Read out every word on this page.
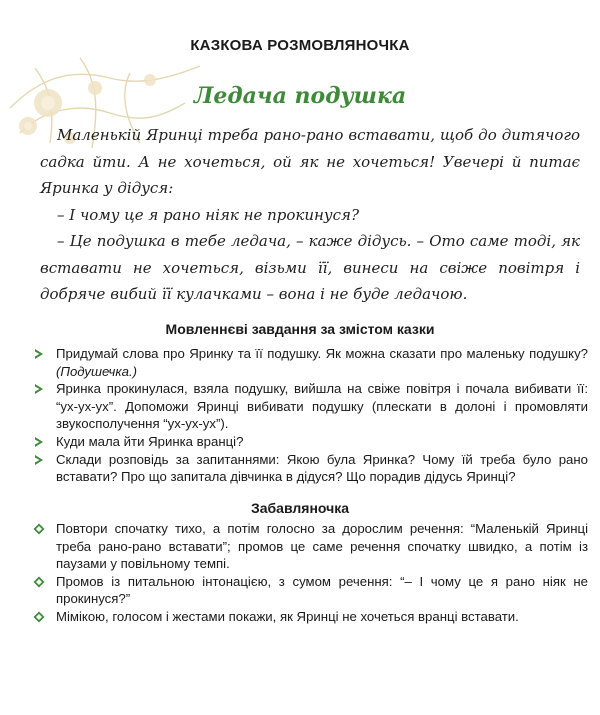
КАЗКОВА РОЗМОВЛЯНОЧКА
Ледача подушка

Маленькій Яринці треба рано-рано вставати, щоб до дитячого садка йти. А не хочеться, ой як не хочеться! Увечері й питає Яринка у дідуся:

– І чому це я рано ніяк не прокинуся?

– Це подушка в тебе ледача, – каже дідусь. – Ото саме тоді, як вставати не хочеться, візьми її, винеси на свіже повітря і добряче вибий її кулачками – вона і не буде ледачою.

Мовленнєві завдання за змістом казки
Придумай слова про Яринку та її подушку. Як можна сказати про маленьку подушку? (Подушечка.)
Яринка прокинулася, взяла подушку, вийшла на свіже повітря і почала вибивати її: “ух-ух-ух”. Допоможи Яринці вибивати подушку (плескати в долоні і промовляти звукосполучення “ух-ух-ух”).
Куди мала йти Яринка вранці?
Склади розповідь за запитаннями: Якою була Яринка? Чому їй треба було рано вставати? Про що запитала дівчинка в дідуся? Що порадив дідусь Яринці?
Забавляночка
Повтори спочатку тихо, а потім голосно за дорослим речення: “Маленькій Яринці треба рано-рано вставати”; промов це саме речення спочатку швидко, а потім із паузами у повільному темпі.
Промов із питальною інтонацією, з сумом речення: “– І чому це я рано ніяк не прокинуся?”
Мімікою, голосом і жестами покажи, як Яринці не хочеться вранці вставати.
